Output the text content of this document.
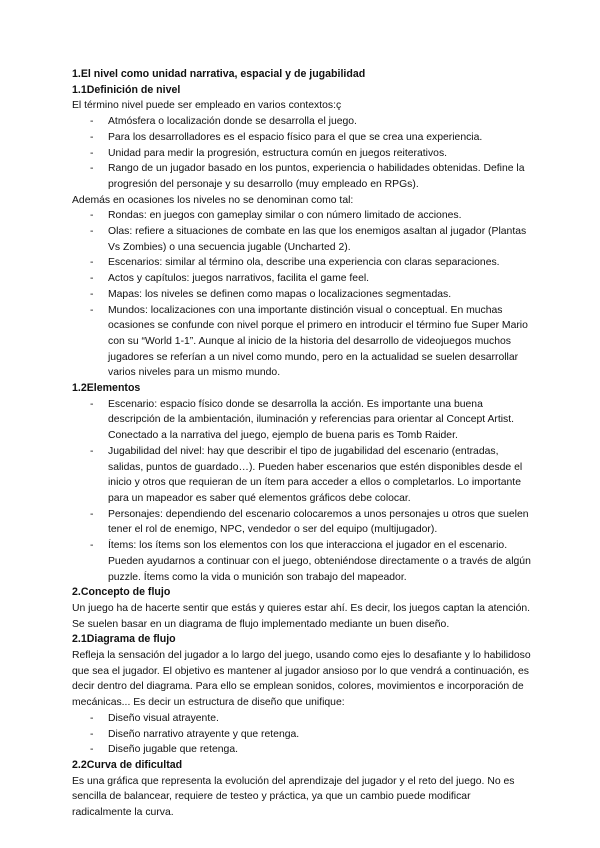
1.El nivel como unidad narrativa, espacial y de jugabilidad
1.1Definición de nivel

El término nivel puede ser empleado en varios contextos:ç

- Atmósfera o localización donde se desarrolla el juego.
- Para los desarrolladores es el espacio físico para el que se crea una experiencia.
- Unidad para medir la progresión, estructura común en juegos reiterativos.
- Rango de un jugador basado en los puntos, experiencia o habilidades obtenidas. Define la progresión del personaje y su desarrollo (muy empleado en RPGs).

Además en ocasiones los niveles no se denominan como tal:

- Rondas: en juegos con gameplay similar o con número limitado de acciones.
- Olas: refiere a situaciones de combate en las que los enemigos asaltan al jugador (Plantas Vs Zombies) o una secuencia jugable (Uncharted 2).
- Escenarios: similar al término ola, describe una experiencia con claras separaciones.
- Actos y capítulos: juegos narrativos, facilita el game feel.
- Mapas: los niveles se definen como mapas o localizaciones segmentadas.
- Mundos: localizaciones con una importante distinción visual o conceptual. En muchas ocasiones se confunde con nivel porque el primero en introducir el término fue Super Mario con su “World 1-1”. Aunque al inicio de la historia del desarrollo de videojuegos muchos jugadores se referían a un nivel como mundo, pero en la actualidad se suelen desarrollar varios niveles para un mismo mundo.
1.2Elementos
- Escenario: espacio físico donde se desarrolla la acción. Es importante una buena descripción de la ambientación, iluminación y referencias para orientar al Concept Artist. Conectado a la narrativa del juego, ejemplo de buena paris es Tomb Raider.
- Jugabilidad del nivel: hay que describir el tipo de jugabilidad del escenario (entradas, salidas, puntos de guardado…). Pueden haber escenarios que estén disponibles desde el inicio y otros que requieran de un ítem para acceder a ellos o completarlos. Lo importante para un mapeador es saber qué elementos gráficos debe colocar.
- Personajes: dependiendo del escenario colocaremos a unos personajes u otros que suelen tener el rol de enemigo, NPC, vendedor o ser del equipo (multijugador).
- Ítems: los ítems son los elementos con los que interacciona el jugador en el escenario. Pueden ayudarnos a continuar con el juego, obteniéndose directamente o a través de algún puzzle. Ítems como la vida o munición son trabajo del mapeador.
2.Concepto de flujo

Un juego ha de hacerte sentir que estás y quieres estar ahí. Es decir, los juegos captan la atención. Se suelen basar en un diagrama de flujo implementado mediante un buen diseño.

2.1Diagrama de flujo

Refleja la sensación del jugador a lo largo del juego, usando como ejes lo desafiante y lo habilidoso que sea el jugador. El objetivo es mantener al jugador ansioso por lo que vendrá a continuación, es decir dentro del diagrama. Para ello se emplean sonidos, colores, movimientos e incorporación de mecánicas... Es decir un estructura de diseño que unifique:

- Diseño visual atrayente.
- Diseño narrativo atrayente y que retenga.
- Diseño jugable que retenga.
2.2Curva de dificultad

Es una gráfica que representa la evolución del aprendizaje del jugador y el reto del juego. No es sencilla de balancear, requiere de testeo y práctica, ya que un cambio puede modificar radicalmente la curva.
